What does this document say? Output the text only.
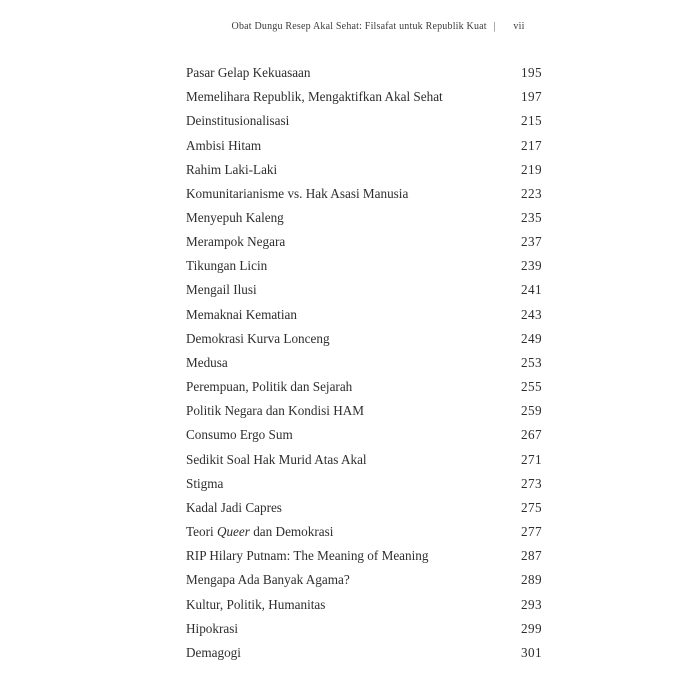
Obat Dungu Resep Akal Sehat: Filsafat untuk Republik Kuat |	vii
Pasar Gelap Kekuasaan	195
Memelihara Republik, Mengaktifkan Akal Sehat	197
Deinstitusionalisasi	215
Ambisi Hitam	217
Rahim Laki-Laki	219
Komunitarianisme vs. Hak Asasi Manusia	223
Menyepuh Kaleng	235
Merampok Negara	237
Tikungan Licin	239
Mengail Ilusi	241
Memaknai Kematian	243
Demokrasi Kurva Lonceng	249
Medusa	253
Perempuan, Politik dan Sejarah	255
Politik Negara dan Kondisi HAM	259
Consumo Ergo Sum	267
Sedikit Soal Hak Murid Atas Akal	271
Stigma	273
Kadal Jadi Capres	275
Teori Queer dan Demokrasi	277
RIP Hilary Putnam: The Meaning of Meaning	287
Mengapa Ada Banyak Agama?	289
Kultur, Politik, Humanitas	293
Hipokrasi	299
Demagogi	301
